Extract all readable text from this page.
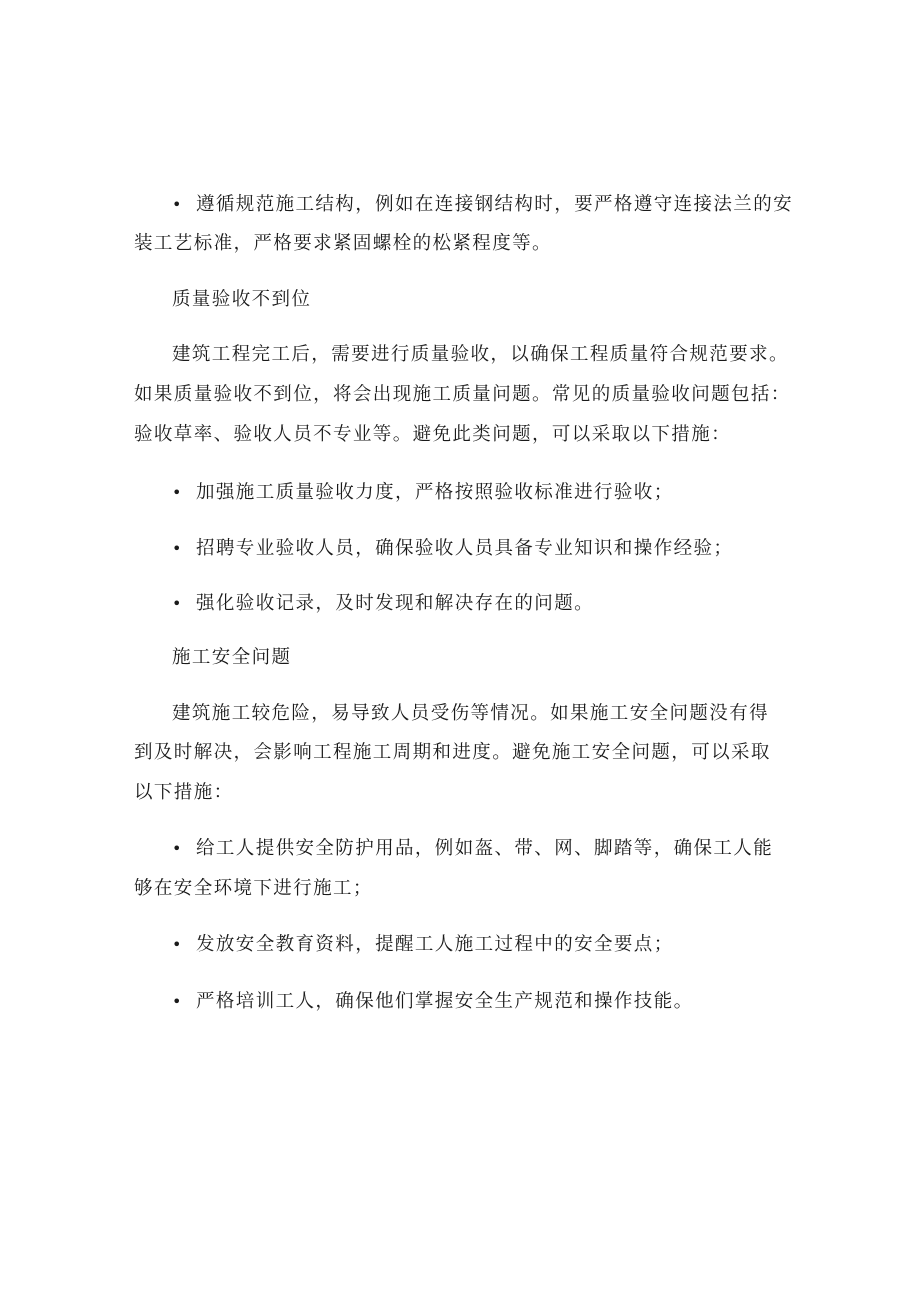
• 遵循规范施工结构，例如在连接钢结构时，要严格遵守连接法兰的安
装工艺标准，严格要求紧固螺栓的松紧程度等。
质量验收不到位
建筑工程完工后，需要进行质量验收，以确保工程质量符合规范要求。
如果质量验收不到位，将会出现施工质量问题。常见的质量验收问题包括：
验收草率、验收人员不专业等。避免此类问题，可以采取以下措施：
• 加强施工质量验收力度，严格按照验收标准进行验收；
• 招聘专业验收人员，确保验收人员具备专业知识和操作经验；
• 强化验收记录，及时发现和解决存在的问题。
施工安全问题
建筑施工较危险，易导致人员受伤等情况。如果施工安全问题没有得
到及时解决，会影响工程施工周期和进度。避免施工安全问题，可以采取
以下措施：
• 给工人提供安全防护用品，例如盔、带、网、脚踏等，确保工人能
够在安全环境下进行施工；
• 发放安全教育资料，提醒工人施工过程中的安全要点；
• 严格培训工人，确保他们掌握安全生产规范和操作技能。
